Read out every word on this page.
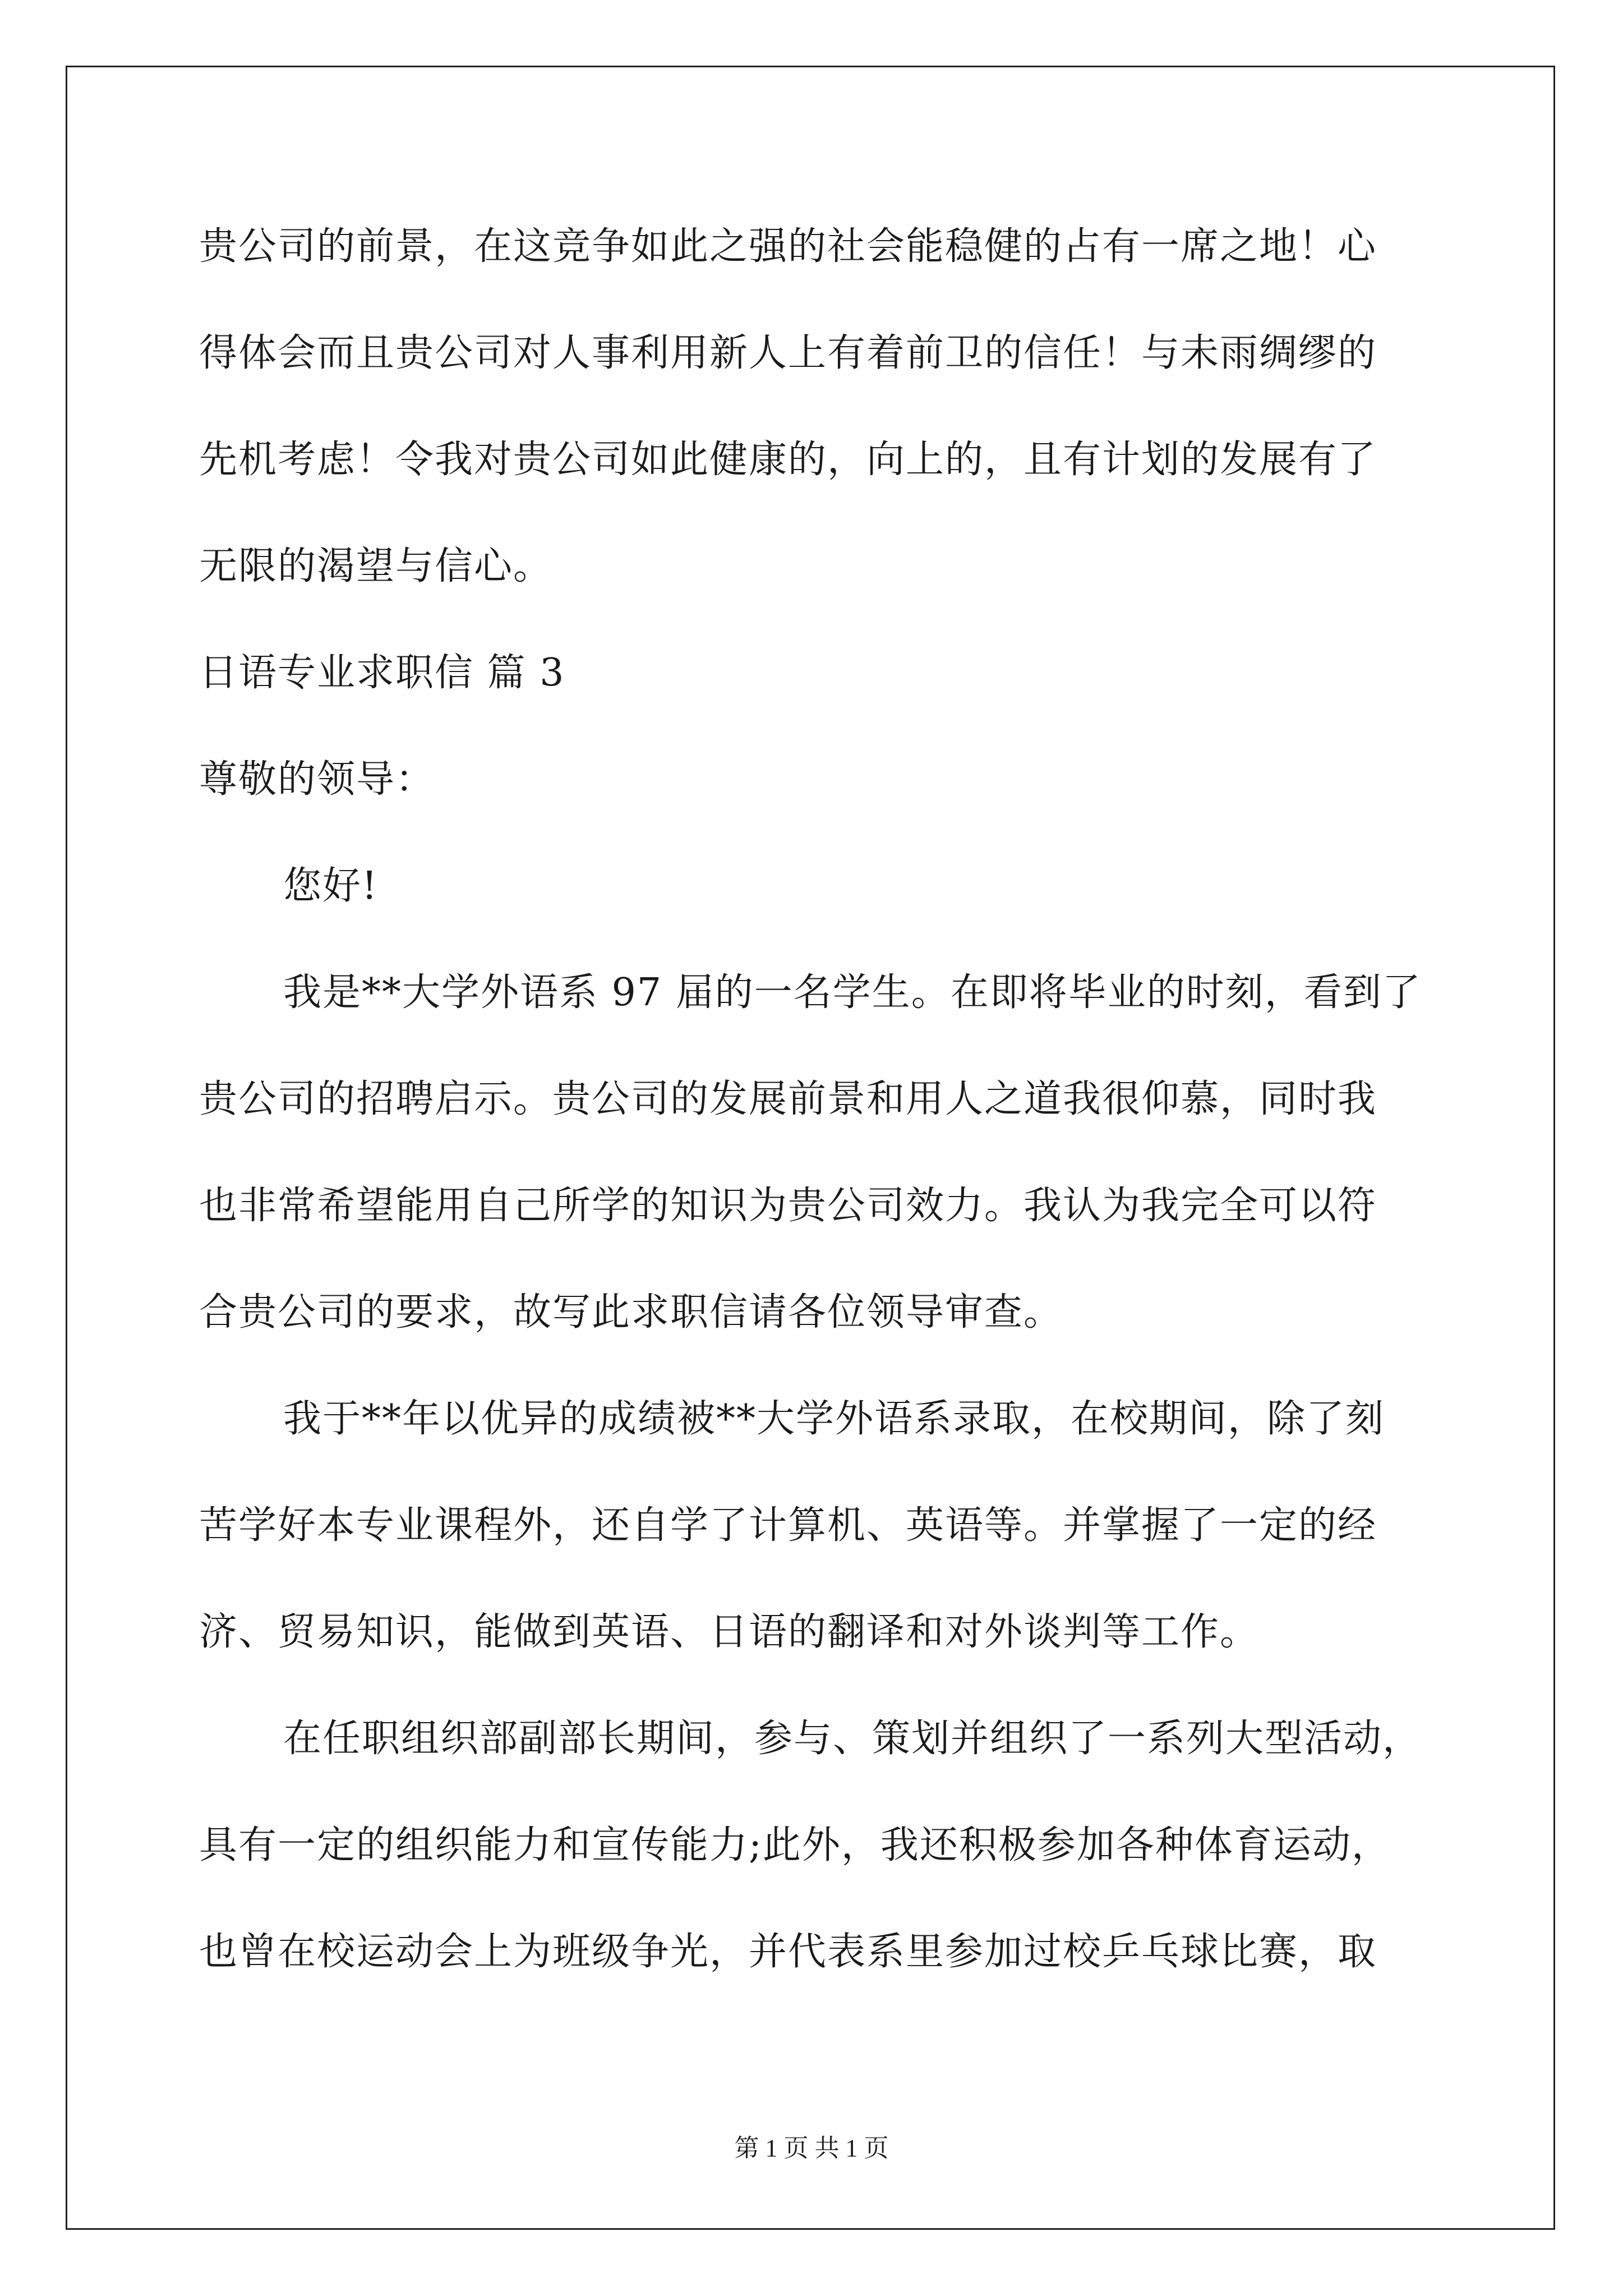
贵公司的前景，在这竞争如此之强的社会能稳健的占有一席之地！心
得体会而且贵公司对人事利用新人上有着前卫的信任！与未雨绸缪的
先机考虑！令我对贵公司如此健康的，向上的，且有计划的发展有了
无限的渴望与信心。
日语专业求职信 篇 3
尊敬的领导：
您好!
我是**大学外语系 97 届的一名学生。在即将毕业的时刻，看到了
贵公司的招聘启示。贵公司的发展前景和用人之道我很仰慕，同时我
也非常希望能用自己所学的知识为贵公司效力。我认为我完全可以符
合贵公司的要求，故写此求职信请各位领导审查。
我于**年以优异的成绩被**大学外语系录取，在校期间，除了刻
苦学好本专业课程外，还自学了计算机、英语等。并掌握了一定的经
济、贸易知识，能做到英语、日语的翻译和对外谈判等工作。
在任职组织部副部长期间，参与、策划并组织了一系列大型活动，
具有一定的组织能力和宣传能力;此外，我还积极参加各种体育运动，
也曾在校运动会上为班级争光，并代表系里参加过校乒乓球比赛，取
第 1 页 共 1 页
